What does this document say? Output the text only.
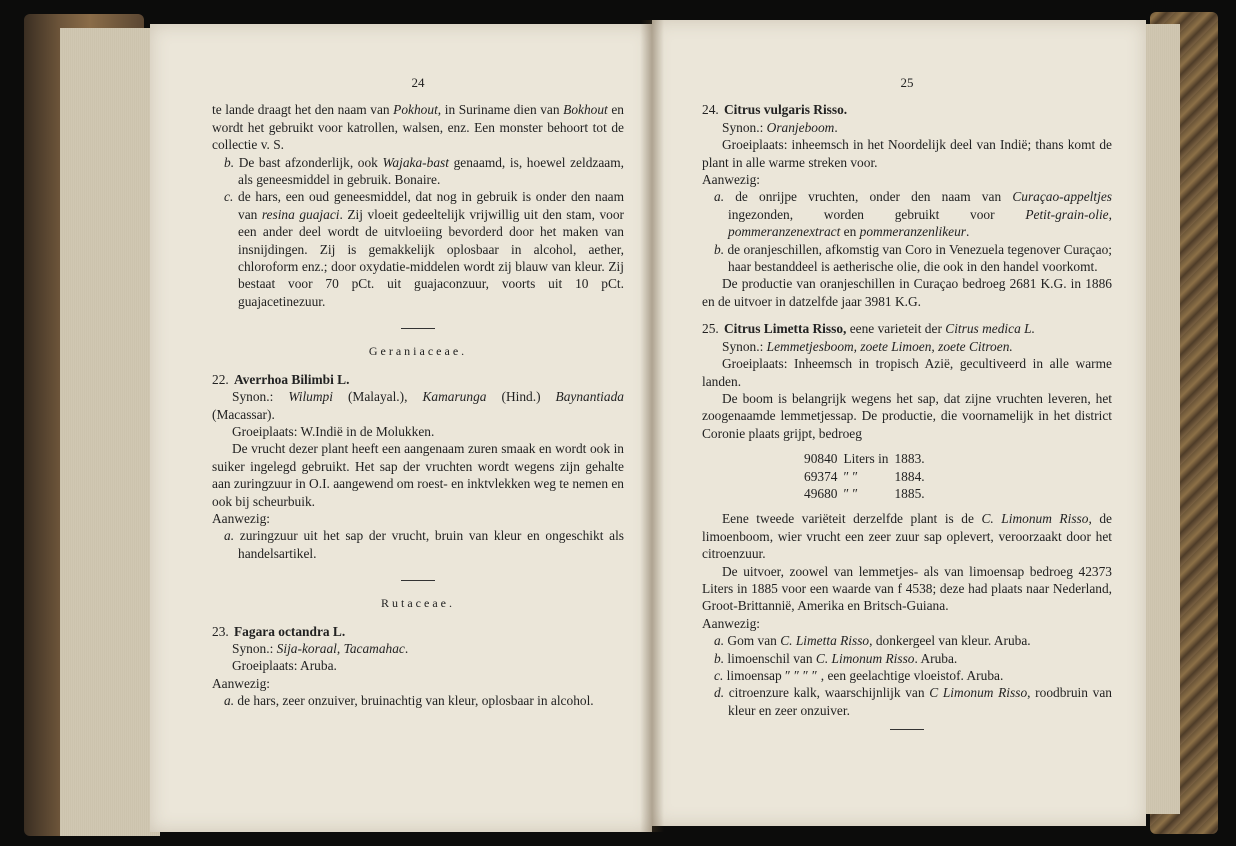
24

te lande draagt het den naam van Pokhout, in Suriname dien van Bokhout en wordt het gebruikt voor katrollen, walsen, enz. Een monster behoort tot de collectie v. S.

b. De bast afzonderlijk, ook Wajaka-bast genaamd, is, hoewel zeldzaam, als geneesmiddel in gebruik. Bonaire.

c. de hars, een oud geneesmiddel, dat nog in gebruik is onder den naam van resina guajaci. Zij vloeit gedeeltelijk vrijwillig uit den stam, voor een ander deel wordt de uitvloeiing bevorderd door het maken van insnijdingen. Zij is gemakkelijk oplosbaar in alcohol, aether, chloroform enz.; door oxydatie-middelen wordt zij blauw van kleur. Zij bestaat voor 70 pCt. uit guajaconzuur, voorts uit 10 pCt. guajacetinezuur.

Geraniaceae.
22. Averrhoa Bilimbi L.

Synon.: Wilumpi (Malayal.), Kamarunga (Hind.) Baynantiada (Macassar).

Groeiplaats: W.Indië in de Molukken.

De vrucht dezer plant heeft een aangenaam zuren smaak en wordt ook in suiker ingelegd gebruikt. Het sap der vruchten wordt wegens zijn gehalte aan zuringzuur in O.I. aangewend om roest- en inktvlekken weg te nemen en ook bij scheurbuik.

Aanwezig:

a. zuringzuur uit het sap der vrucht, bruin van kleur en ongeschikt als handelsartikel.

Rutaceae.
23. Fagara octandra L.

Synon.: Sija-koraal, Tacamahac.

Groeiplaats: Aruba.

Aanwezig:

a. de hars, zeer onzuiver, bruinachtig van kleur, oplosbaar in alcohol.

25
24. Citrus vulgaris Risso.

Synon.: Oranjeboom.

Groeiplaats: inheemsch in het Noordelijk deel van Indië; thans komt de plant in alle warme streken voor.

Aanwezig:

a. de onrijpe vruchten, onder den naam van Curaçao-appeltjes ingezonden, worden gebruikt voor Petit-grain-olie, pommeranzenextract en pommeranzenlikeur.

b. de oranjeschillen, afkomstig van Coro in Venezuela tegenover Curaçao; haar bestanddeel is aetherische olie, die ook in den handel voorkomt.

De productie van oranjeschillen in Curaçao bedroeg 2681 K.G. in 1886 en de uitvoer in datzelfde jaar 3981 K.G.

25. Citrus Limetta Risso, eene varieteit der Citrus medica L.

Synon.: Lemmetjesboom, zoete Limoen, zoete Citroen.

Groeiplaats: Inheemsch in tropisch Azië, gecultiveerd in alle warme landen.

De boom is belangrijk wegens het sap, dat zijne vruchten leveren, het zoogenaamde lemmetjessap. De productie, die voornamelijk in het district Coronie plaats grijpt, bedroeg

90840	Liters in	1883.
69374	″ ″	1884.
49680	″ ″	1885.

Eene tweede variëteit derzelfde plant is de C. Limonum Risso, de limoenboom, wier vrucht een zeer zuur sap oplevert, veroorzaakt door het citroenzuur.

De uitvoer, zoowel van lemmetjes- als van limoensap bedroeg 42373 Liters in 1885 voor een waarde van f 4538; deze had plaats naar Nederland, Groot-Brittannië, Amerika en Britsch-Guiana.

Aanwezig:

a. Gom van C. Limetta Risso, donkergeel van kleur. Aruba.

b. limoenschil van C. Limonum Risso. Aruba.

c. limoensap ″ ″ ″ ″ , een geelachtige vloeistof. Aruba.

d. citroenzure kalk, waarschijnlijk van C Limonum Risso, roodbruin van kleur en zeer onzuiver.
